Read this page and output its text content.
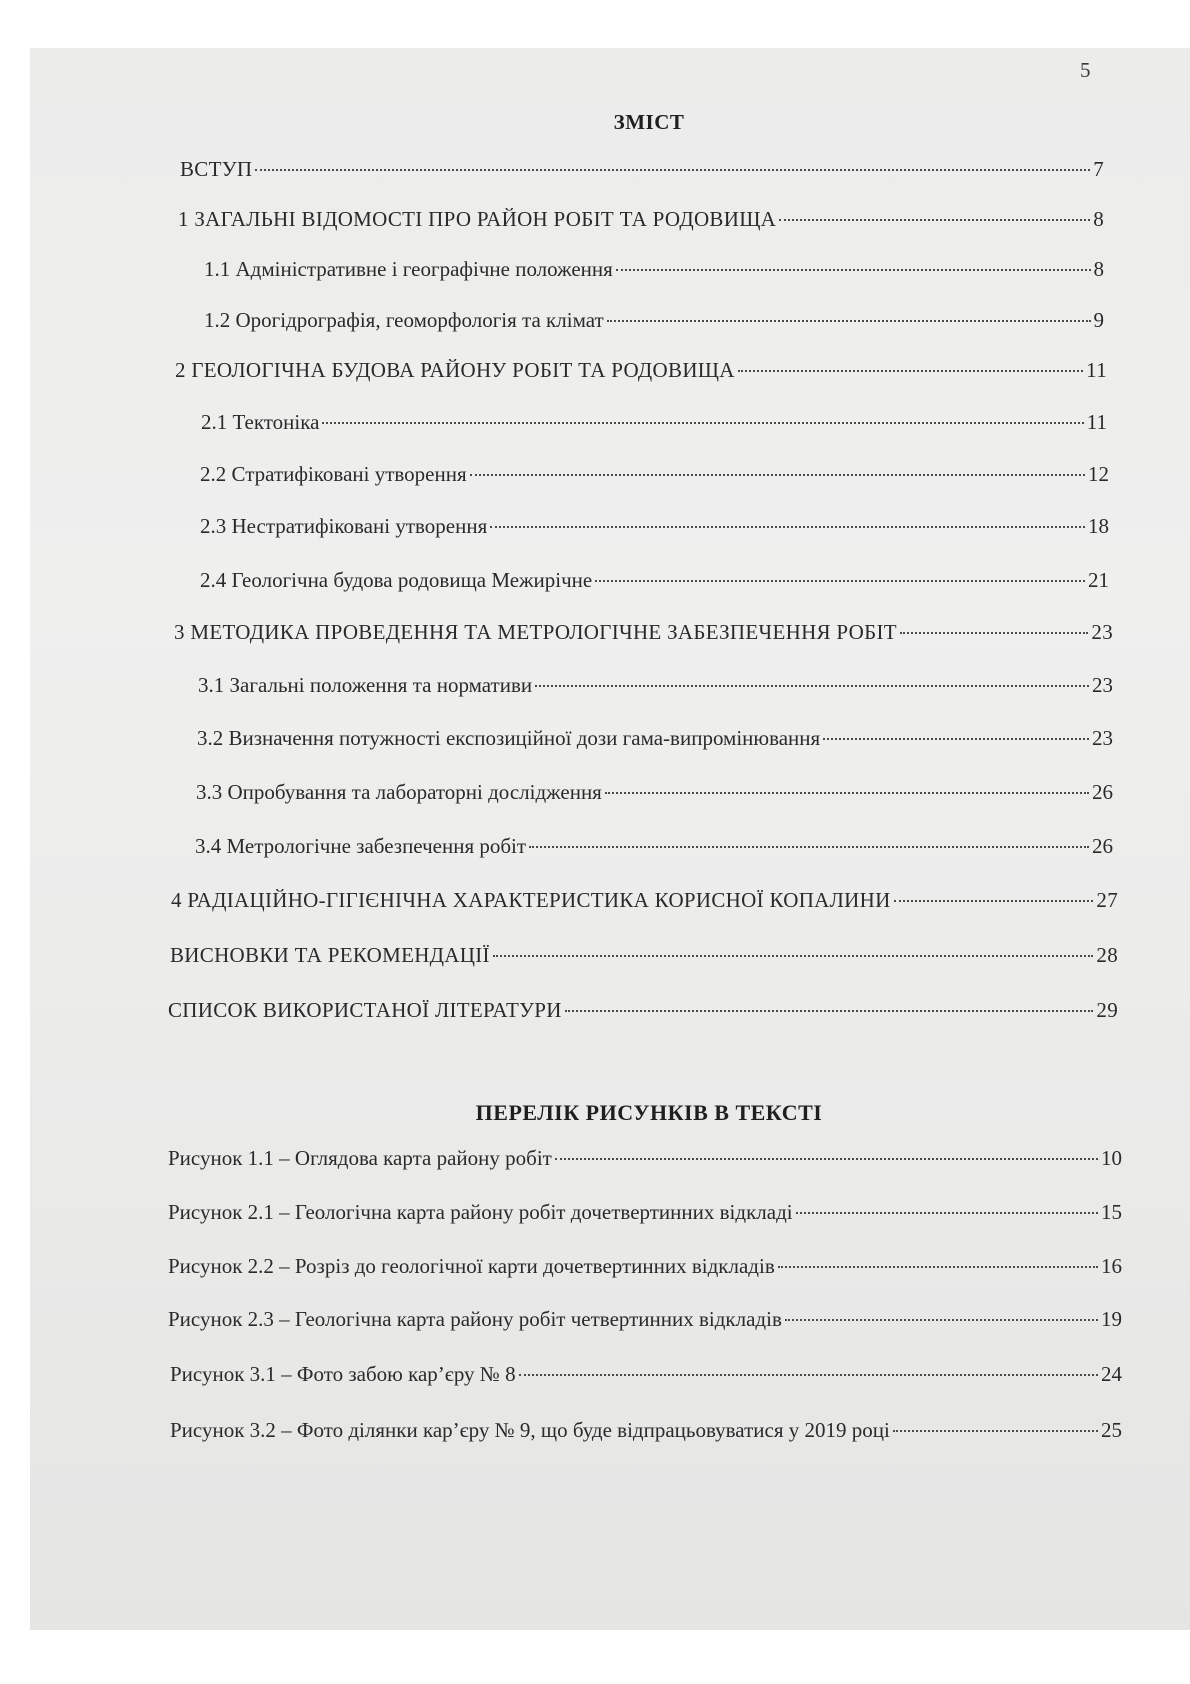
5
ЗМІСТ
ВСТУП	7
1 ЗАГАЛЬНІ ВІДОМОСТІ ПРО РАЙОН РОБІТ ТА РОДОВИЩА	8
1.1 Адміністративне і географічне положення	8
1.2 Орогідрографія, геоморфологія та клімат	9
2 ГЕОЛОГІЧНА БУДОВА РАЙОНУ РОБІТ ТА РОДОВИЩА	11
2.1 Тектоніка	11
2.2 Стратифіковані утворення	12
2.3 Нестратифіковані утворення	18
2.4 Геологічна будова родовища Межирічне	21
3 МЕТОДИКА ПРОВЕДЕННЯ ТА МЕТРОЛОГІЧНЕ ЗАБЕЗПЕЧЕННЯ РОБІТ	23
3.1 Загальні положення та нормативи	23
3.2 Визначення потужності експозиційної дози гама-випромінювання	23
3.3 Опробування та лабораторні дослідження	26
3.4 Метрологічне забезпечення робіт	26
4 РАДІАЦІЙНО-ГІГІЄНІЧНА ХАРАКТЕРИСТИКА КОРИСНОЇ КОПАЛИНИ	27
ВИСНОВКИ ТА РЕКОМЕНДАЦІЇ	28
СПИСОК ВИКОРИСТАНОЇ ЛІТЕРАТУРИ	29
ПЕРЕЛІК РИСУНКІВ В ТЕКСТІ
Рисунок 1.1 – Оглядова карта району робіт	10
Рисунок 2.1 – Геологічна карта району робіт дочетвертинних відкладі	15
Рисунок 2.2 – Розріз до геологічної карти дочетвертинних відкладів	16
Рисунок 2.3 – Геологічна карта району робіт четвертинних відкладів	19
Рисунок 3.1 – Фото забою кар’єру № 8	24
Рисунок 3.2 – Фото ділянки кар’єру № 9, що буде відпрацьовуватися у 2019 році	25
